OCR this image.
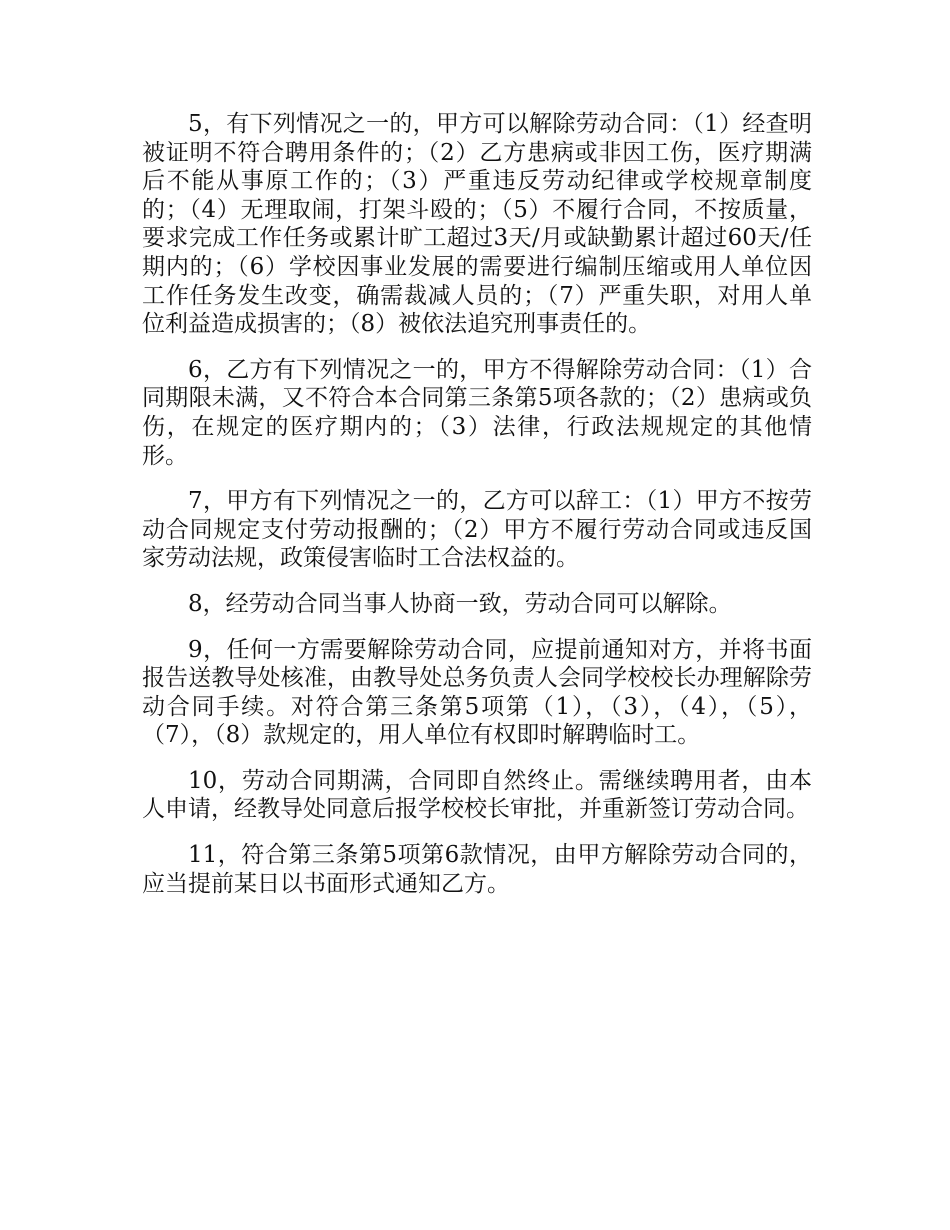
5，有下列情况之一的，甲方可以解除劳动合同：（1）经查明被证明不符合聘用条件的；（2）乙方患病或非因工伤，医疗期满后不能从事原工作的；（3）严重违反劳动纪律或学校规章制度的；（4）无理取闹，打架斗殴的；（5）不履行合同，不按质量，要求完成工作任务或累计旷工超过3天/月或缺勤累计超过60天/任期内的；（6）学校因事业发展的需要进行编制压缩或用人单位因工作任务发生改变，确需裁减人员的；（7）严重失职，对用人单位利益造成损害的；（8）被依法追究刑事责任的。

6，乙方有下列情况之一的，甲方不得解除劳动合同：（1）合同期限未满，又不符合本合同第三条第5项各款的；（2）患病或负伤，在规定的医疗期内的；（3）法律，行政法规规定的其他情形。

7，甲方有下列情况之一的，乙方可以辞工：（1）甲方不按劳动合同规定支付劳动报酬的；（2）甲方不履行劳动合同或违反国家劳动法规，政策侵害临时工合法权益的。

8，经劳动合同当事人协商一致，劳动合同可以解除。

9，任何一方需要解除劳动合同，应提前通知对方，并将书面报告送教导处核准，由教导处总务负责人会同学校校长办理解除劳动合同手续。对符合第三条第5项第（1），（3），（4），（5），（7），（8）款规定的，用人单位有权即时解聘临时工。

10，劳动合同期满，合同即自然终止。需继续聘用者，由本人申请，经教导处同意后报学校校长审批，并重新签订劳动合同。

11，符合第三条第5项第6款情况，由甲方解除劳动合同的，应当提前某日以书面形式通知乙方。
